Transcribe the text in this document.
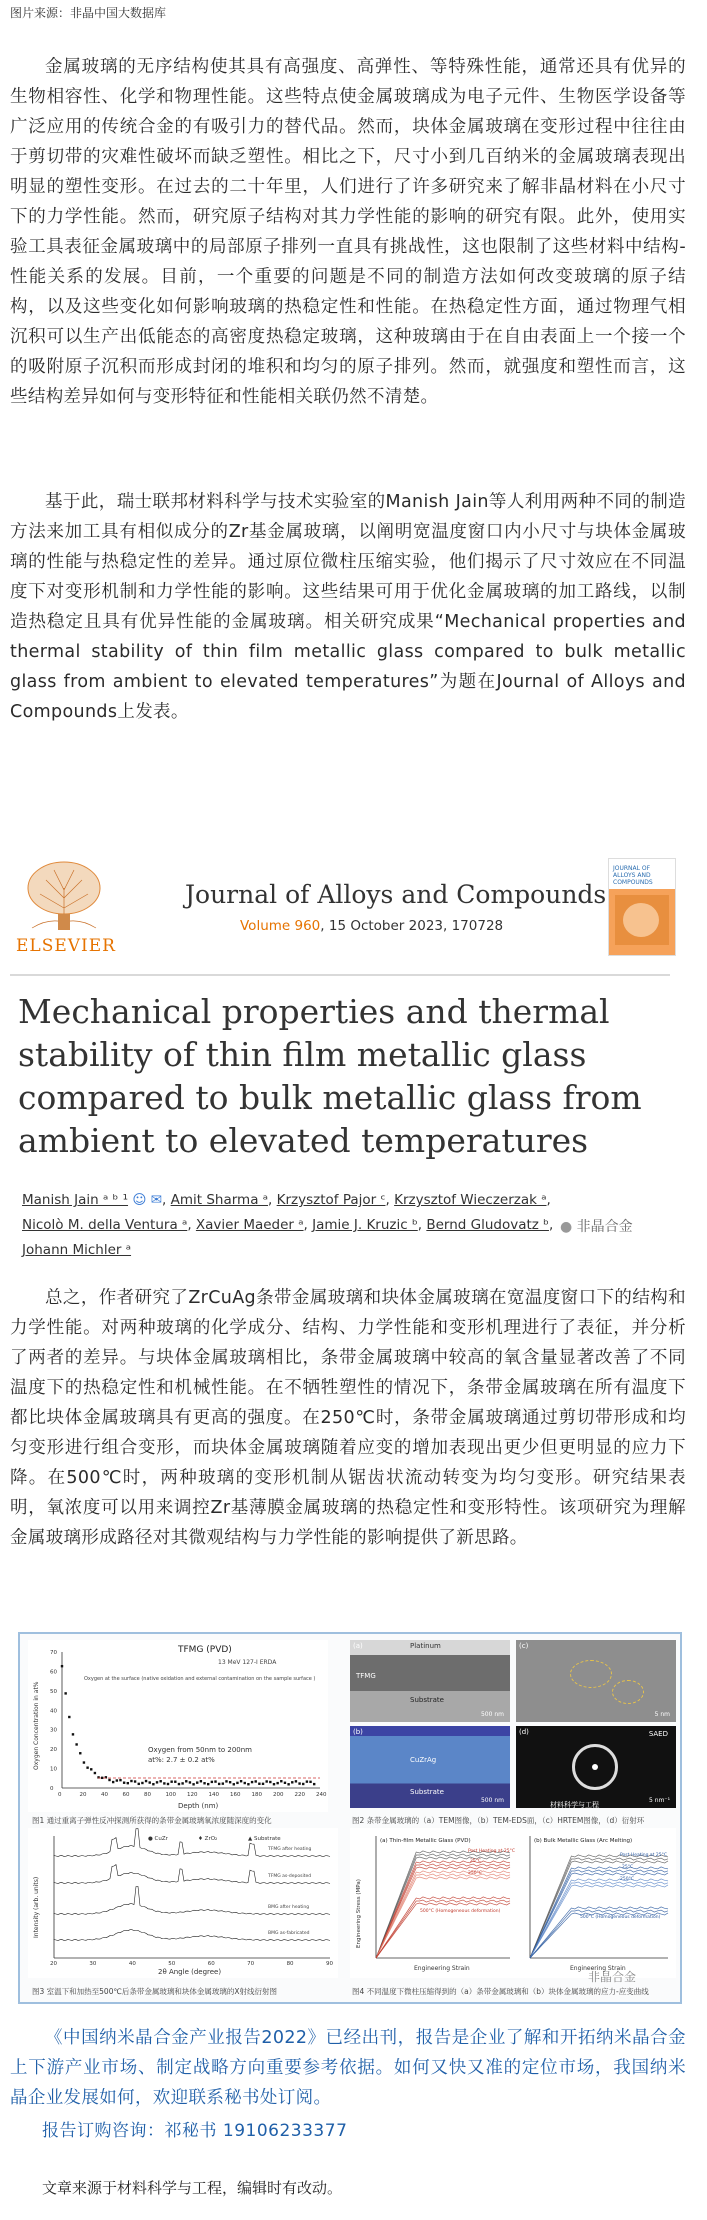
图片来源：非晶中国大数据库

金属玻璃的无序结构使其具有高强度、高弹性、等特殊性能，通常还具有优异的生物相容性、化学和物理性能。这些特点使金属玻璃成为电子元件、生物医学设备等广泛应用的传统合金的有吸引力的替代品。然而，块体金属玻璃在变形过程中往往由于剪切带的灾难性破坏而缺乏塑性。相比之下，尺寸小到几百纳米的金属玻璃表现出明显的塑性变形。在过去的二十年里，人们进行了许多研究来了解非晶材料在小尺寸下的力学性能。然而，研究原子结构对其力学性能的影响的研究有限。此外，使用实验工具表征金属玻璃中的局部原子排列一直具有挑战性，这也限制了这些材料中结构-性能关系的发展。目前，一个重要的问题是不同的制造方法如何改变玻璃的原子结构，以及这些变化如何影响玻璃的热稳定性和性能。在热稳定性方面，通过物理气相沉积可以生产出低能态的高密度热稳定玻璃，这种玻璃由于在自由表面上一个接一个的吸附原子沉积而形成封闭的堆积和均匀的原子排列。然而，就强度和塑性而言，这些结构差异如何与变形特征和性能相关联仍然不清楚。

基于此，瑞士联邦材料科学与技术实验室的Manish Jain等人利用两种不同的制造方法来加工具有相似成分的Zr基金属玻璃，以阐明宽温度窗口内小尺寸与块体金属玻璃的性能与热稳定性的差异。通过原位微柱压缩实验，他们揭示了尺寸效应在不同温度下对变形机制和力学性能的影响。这些结果可用于优化金属玻璃的加工路线，以制造热稳定且具有优异性能的金属玻璃。相关研究成果“Mechanical properties and thermal stability of thin film metallic glass compared to bulk metallic glass from ambient to elevated temperatures”为题在Journal of Alloys and Compounds上发表。

ELSEVIER
Journal of Alloys and Compounds
Volume 960, 15 October 2023, 170728
JOURNAL OF ALLOYS AND COMPOUNDS
Mechanical properties and thermal stability of thin film metallic glass compared to bulk metallic glass from ambient to elevated temperatures
Manish Jain ᵃ ᵇ ¹ ☺ ✉, Amit Sharma ᵃ, Krzysztof Pajor ᶜ, Krzysztof Wieczerzak ᵃ,
Nicolò M. della Ventura ᵃ, Xavier Maeder ᵃ, Jamie J. Kruzic ᵇ, Bernd Gludovatz ᵇ,
Johann Michler ᵃ
● 非晶合金

总之，作者研究了ZrCuAg条带金属玻璃和块体金属玻璃在宽温度窗口下的结构和力学性能。对两种玻璃的化学成分、结构、力学性能和变形机理进行了表征，并分析了两者的差异。与块体金属玻璃相比，条带金属玻璃中较高的氧含量显著改善了不同温度下的热稳定性和机械性能。在不牺牲塑性的情况下，条带金属玻璃在所有温度下都比块体金属玻璃具有更高的强度。在250℃时，条带金属玻璃通过剪切带形成和均匀变形进行组合变形，而块体金属玻璃随着应变的增加表现出更少但更明显的应力下降。在500℃时，两种玻璃的变形机制从锯齿状流动转变为均匀变形。研究结果表明，氧浓度可以用来调控Zr基薄膜金属玻璃的热稳定性和变形特性。该项研究为理解金属玻璃形成路径对其微观结构与力学性能的影响提供了新思路。

TFMG (PVD)
13 MeV 127-I ERDA
Oxygen at the surface (native oxidation and external contamination on the sample surface )
Oxygen from 50nm to 200nm
at%: 2.7 ± 0.2 at%
Oxygen Concentration in at%
Depth (nm)
0	20	40	60	80	100 120 140 160 180 200 220 240
0
10
20
30
40
50
60
70
图1 通过重离子弹性反冲探测所获得的条带金属玻璃氧浓度随深度的变化
(a)	Platinum
TFMG
Substrate
500 nm
(c)
5 nm
(b)
CuZrAg
Substrate
500 nm
(d)	SAED
5 nm⁻¹
图2 条带金属玻璃的（a）TEM图像，（b）TEM-EDS面，（c）HRTEM图像，（d）衍射环
材料科学与工程
TFMG after heating
TFMG as-deposited
BMG after heating
BMG as-fabricated
● CuZr	♦ ZrO₂	▲ Substrate
Intensity (arb. units)
2θ Angle (degree)
20	30	40	50	60	70	80	90
图3 室温下和加热至500℃后条带金属玻璃和块体金属玻璃的X射线衍射图
(a) Thin-film Metallic Glass (PVD)	(b) Bulk Metallic Glass (Arc Melting)
Post Heating at 25°C
25°C
250°C
500°C (Homogeneous deformation)
Post Heating at 25°C
25°C
250°C
500°C (Homogeneous deformation)
Engineering Stress (MPa)
Engineering Strain	Engineering Strain
图4 不同温度下微柱压缩得到的（a）条带金属玻璃和（b）块体金属玻璃的应力-应变曲线
非晶合金

《中国纳米晶合金产业报告2022》已经出刊，报告是企业了解和开拓纳米晶合金上下游产业市场、制定战略方向重要参考依据。如何又快又准的定位市场，我国纳米晶企业发展如何，欢迎联系秘书处订阅。

报告订购咨询：祁秘书 19106233377
文章来源于材料科学与工程，编辑时有改动。
